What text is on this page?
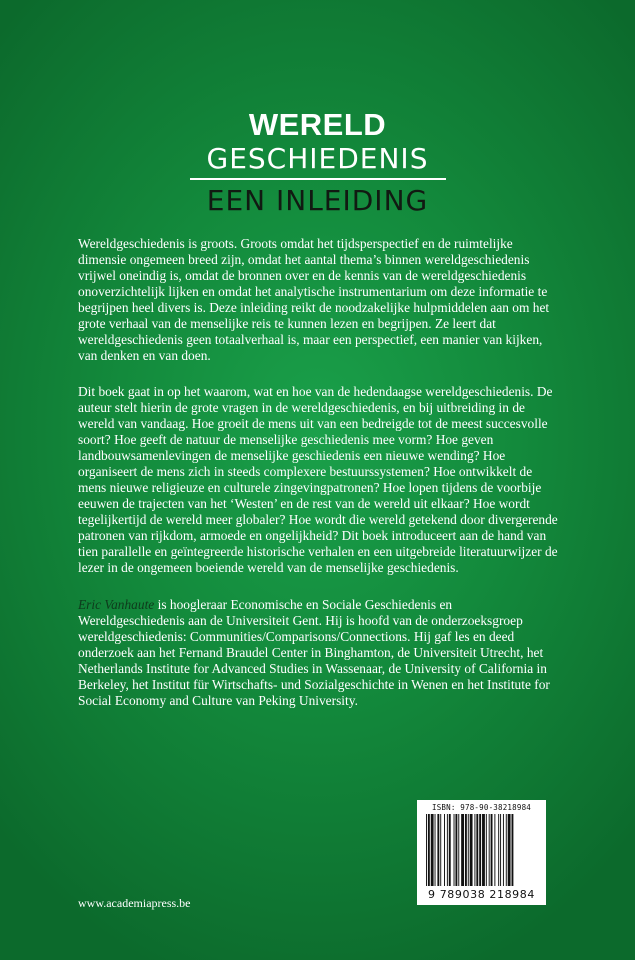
WERELD
GESCHIEDENIS
EEN INLEIDING

Wereldgeschiedenis is groots. Groots omdat het tijdsperspectief en de ruimtelijke dimensie ongemeen breed zijn, omdat het aantal thema’s binnen wereldgeschiedenis vrijwel oneindig is, omdat de bronnen over en de kennis van de wereldgeschiedenis onoverzichtelijk lijken en omdat het analytische instrumentarium om deze informatie te begrijpen heel divers is. Deze inleiding reikt de noodzakelijke hulpmiddelen aan om het grote verhaal van de menselijke reis te kunnen lezen en begrijpen. Ze leert dat wereldgeschiedenis geen totaalverhaal is, maar een perspectief, een manier van kijken, van denken en van doen.

Dit boek gaat in op het waarom, wat en hoe van de hedendaagse wereldgeschiedenis. De auteur stelt hierin de grote vragen in de wereldgeschiedenis, en bij uitbreiding in de wereld van vandaag. Hoe groeit de mens uit van een bedreigde tot de meest succesvolle soort? Hoe geeft de natuur de menselijke geschiedenis mee vorm? Hoe geven landbouwsamenlevingen de menselijke geschiedenis een nieuwe wending? Hoe organiseert de mens zich in steeds complexere bestuurssystemen? Hoe ontwikkelt de mens nieuwe religieuze en culturele zingevingpatronen? Hoe lopen tijdens de voorbije eeuwen de trajecten van het ‘Westen’ en de rest van de wereld uit elkaar? Hoe wordt tegelijkertijd de wereld meer globaler? Hoe wordt die wereld getekend door divergerende patronen van rijkdom, armoede en ongelijkheid? Dit boek introduceert aan de hand van tien parallelle en geïntegreerde historische verhalen en een uitgebreide literatuurwijzer de lezer in de ongemeen boeiende wereld van de menselijke geschiedenis.

Eric Vanhaute is hoogleraar Economische en Sociale Geschiedenis en Wereldgeschiedenis aan de Universiteit Gent. Hij is hoofd van de onderzoeksgroep wereldgeschiedenis: Communities/Comparisons/Connections. Hij gaf les en deed onderzoek aan het Fernand Braudel Center in Binghamton, de Universiteit Utrecht, het Netherlands Institute for Advanced Studies in Wassenaar, de University of California in Berkeley, het Institut für Wirtschafts- und Sozialgeschichte in Wenen en het Institute for Social Economy and Culture van Peking University.

www.academiapress.be
ISBN: 978-90-38218984
9 789038 218984
